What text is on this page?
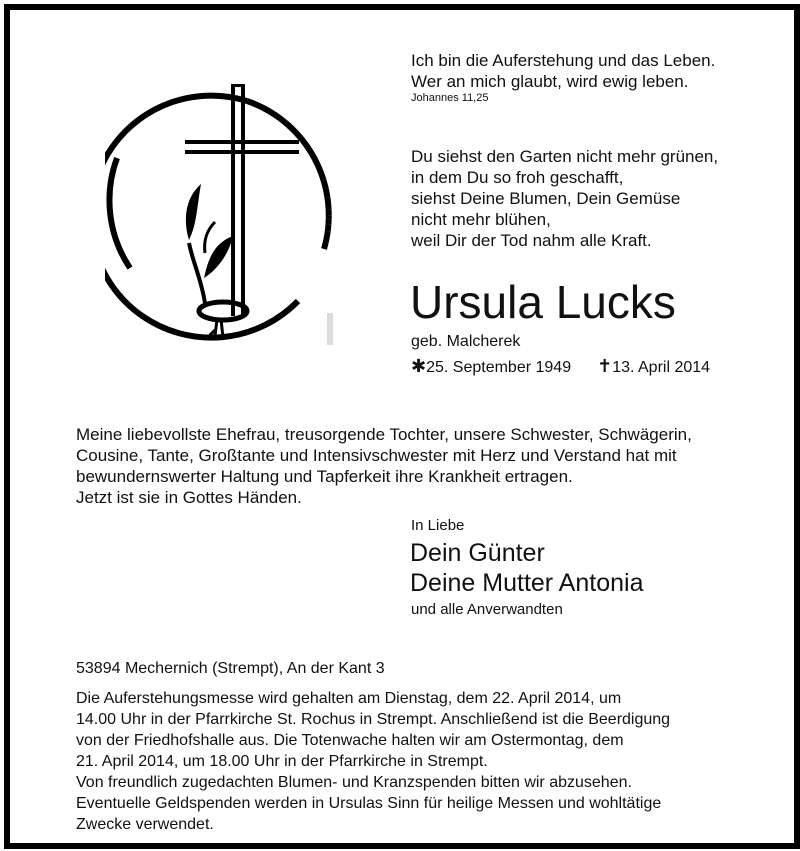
Ich bin die Auferstehung und das Leben.
Wer an mich glaubt, wird ewig leben.
Johannes 11,25
Du siehst den Garten nicht mehr grünen,
in dem Du so froh geschafft,
siehst Deine Blumen, Dein Gemüse
nicht mehr blühen,
weil Dir der Tod nahm alle Kraft.
Ursula Lucks
geb. Malcherek
✱25. September 1949 ✝13. April 2014
Meine liebevollste Ehefrau, treusorgende Tochter, unsere Schwester, Schwägerin,
Cousine, Tante, Großtante und Intensivschwester mit Herz und Verstand hat mit
bewundernswerter Haltung und Tapferkeit ihre Krankheit ertragen.
Jetzt ist sie in Gottes Händen.
In Liebe
Dein Günter
Deine Mutter Antonia
und alle Anverwandten
53894 Mechernich (Strempt), An der Kant 3
Die Auferstehungsmesse wird gehalten am Dienstag, dem 22. April 2014, um
14.00 Uhr in der Pfarrkirche St. Rochus in Strempt. Anschließend ist die Beerdigung
von der Friedhofshalle aus. Die Totenwache halten wir am Ostermontag, dem
21. April 2014, um 18.00 Uhr in der Pfarrkirche in Strempt.
Von freundlich zugedachten Blumen- und Kranzspenden bitten wir abzusehen.
Eventuelle Geldspenden werden in Ursulas Sinn für heilige Messen und wohltätige
Zwecke verwendet.
